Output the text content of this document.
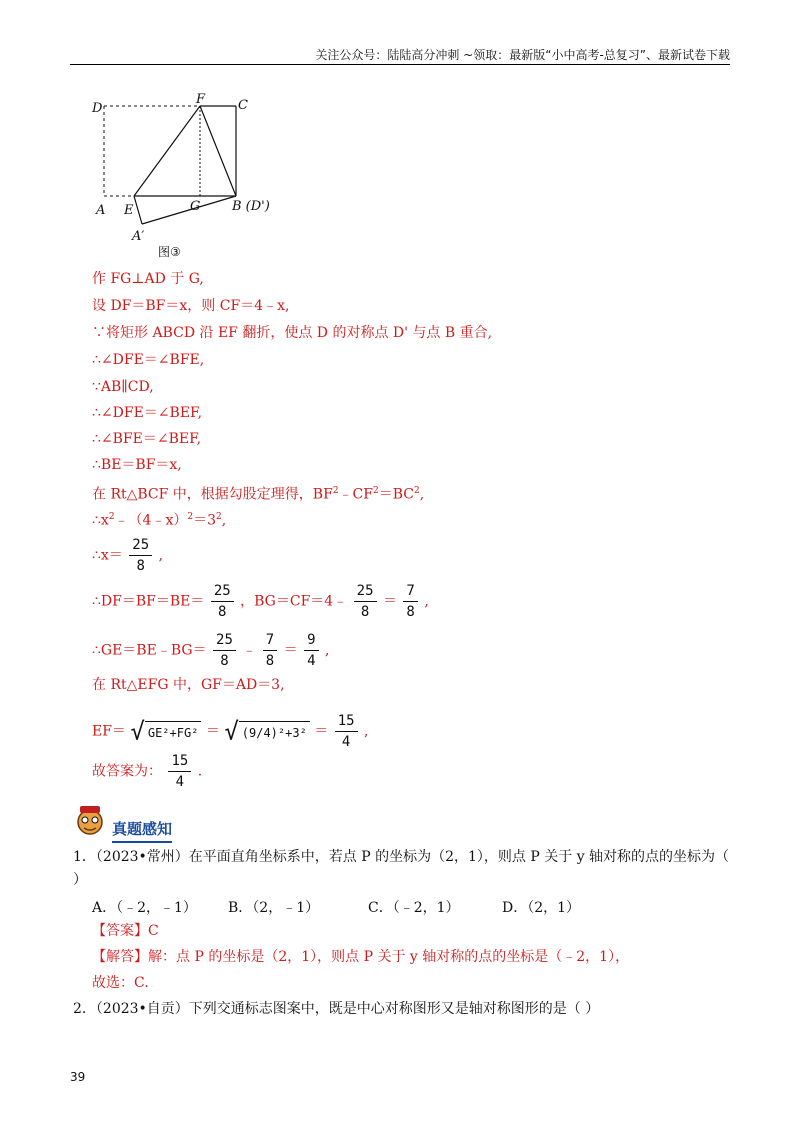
关注公众号：陆陆高分冲刺 ~领取：最新版“小中高考-总复习”、最新试卷下载
D
F	C
A E	G B (D')
A′
图③
作 FG⊥AD 于 G,
设 DF＝BF＝x，则 CF＝4﹣x,
∵将矩形 ABCD 沿 EF 翻折，使点 D 的对称点 D' 与点 B 重合,
∴∠DFE＝∠BFE,
∵AB∥CD,
∴∠DFE＝∠BEF,
∴∠BFE＝∠BEF,
∴BE＝BF＝x,
在 Rt△BCF 中，根据勾股定理得，$BF^2﹣CF^2=BC^2$,
$\therefore x^2﹣(4﹣x)^2=3^2$,
∴x＝ $\frac{25}{8}$ ,
∴DF＝BF＝BE＝ $\frac{25}{8}$ ，BG＝CF＝4﹣ $\frac{25}{8} = \frac{7}{8}$ ,
∴GE＝BE﹣BG＝ $\frac{25}{8}$ ﹣ $\frac{7}{8} = \frac{9}{4}$ ,
在 Rt△EFG 中，GF＝AD＝3,
EF＝ √ GE²+FG² ＝ √ $(9/4)^2+3^2 = \frac{15}{4}$ ,
故答案为： $\frac{15}{4}$ .
真题感知
1．（2023•常州）在平面直角坐标系中，若点 P 的坐标为（2，1），则点 P 关于 y 轴对称的点的坐标为（
）
A．（﹣2，﹣1） B．（2，﹣1）	C．（﹣2，1）	D．（2，1）
【答案】C
【解答】解：点 P 的坐标是（2，1），则点 P 关于 y 轴对称的点的坐标是（﹣2，1），
故选：C.
2．（2023•自贡）下列交通标志图案中，既是中心对称图形又是轴对称图形的是（ ）
39
